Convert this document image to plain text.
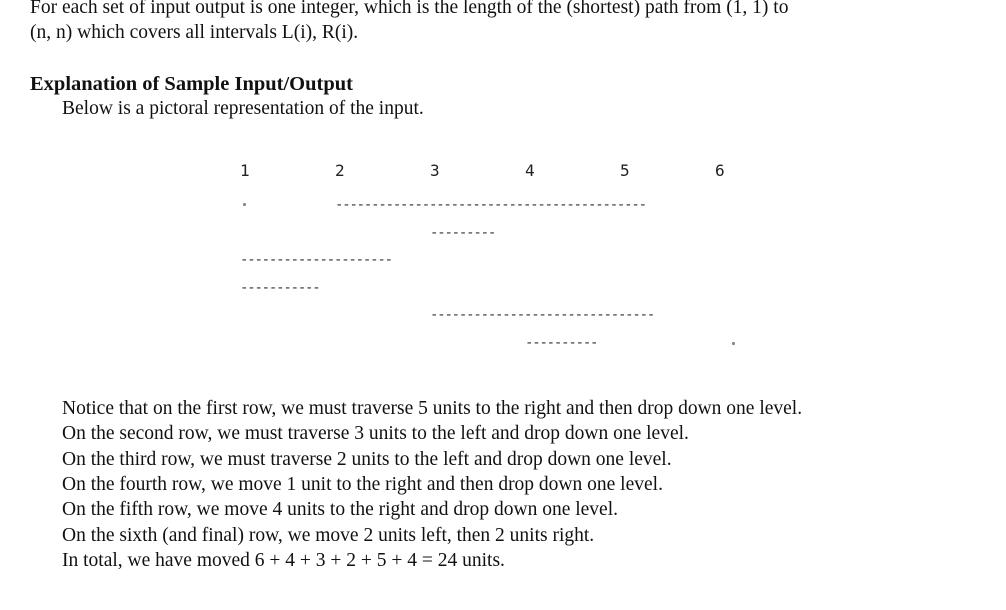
For each set of input output is one integer, which is the length of the (shortest) path from (1, 1) to
(n, n) which covers all intervals L(i), R(i).
Explanation of Sample Input/Output
Below is a pictoral representation of the input.
1	2	3	4	5	6
-------------------------------------------
---------
---------------------
-----------
-------------------------------
----------
Notice that on the first row, we must traverse 5 units to the right and then drop down one level.
On the second row, we must traverse 3 units to the left and drop down one level.
On the third row, we must traverse 2 units to the left and drop down one level.
On the fourth row, we move 1 unit to the right and then drop down one level.
On the fifth row, we move 4 units to the right and drop down one level.
On the sixth (and final) row, we move 2 units left, then 2 units right.
In total, we have moved 6 + 4 + 3 + 2 + 5 + 4 = 24 units.
